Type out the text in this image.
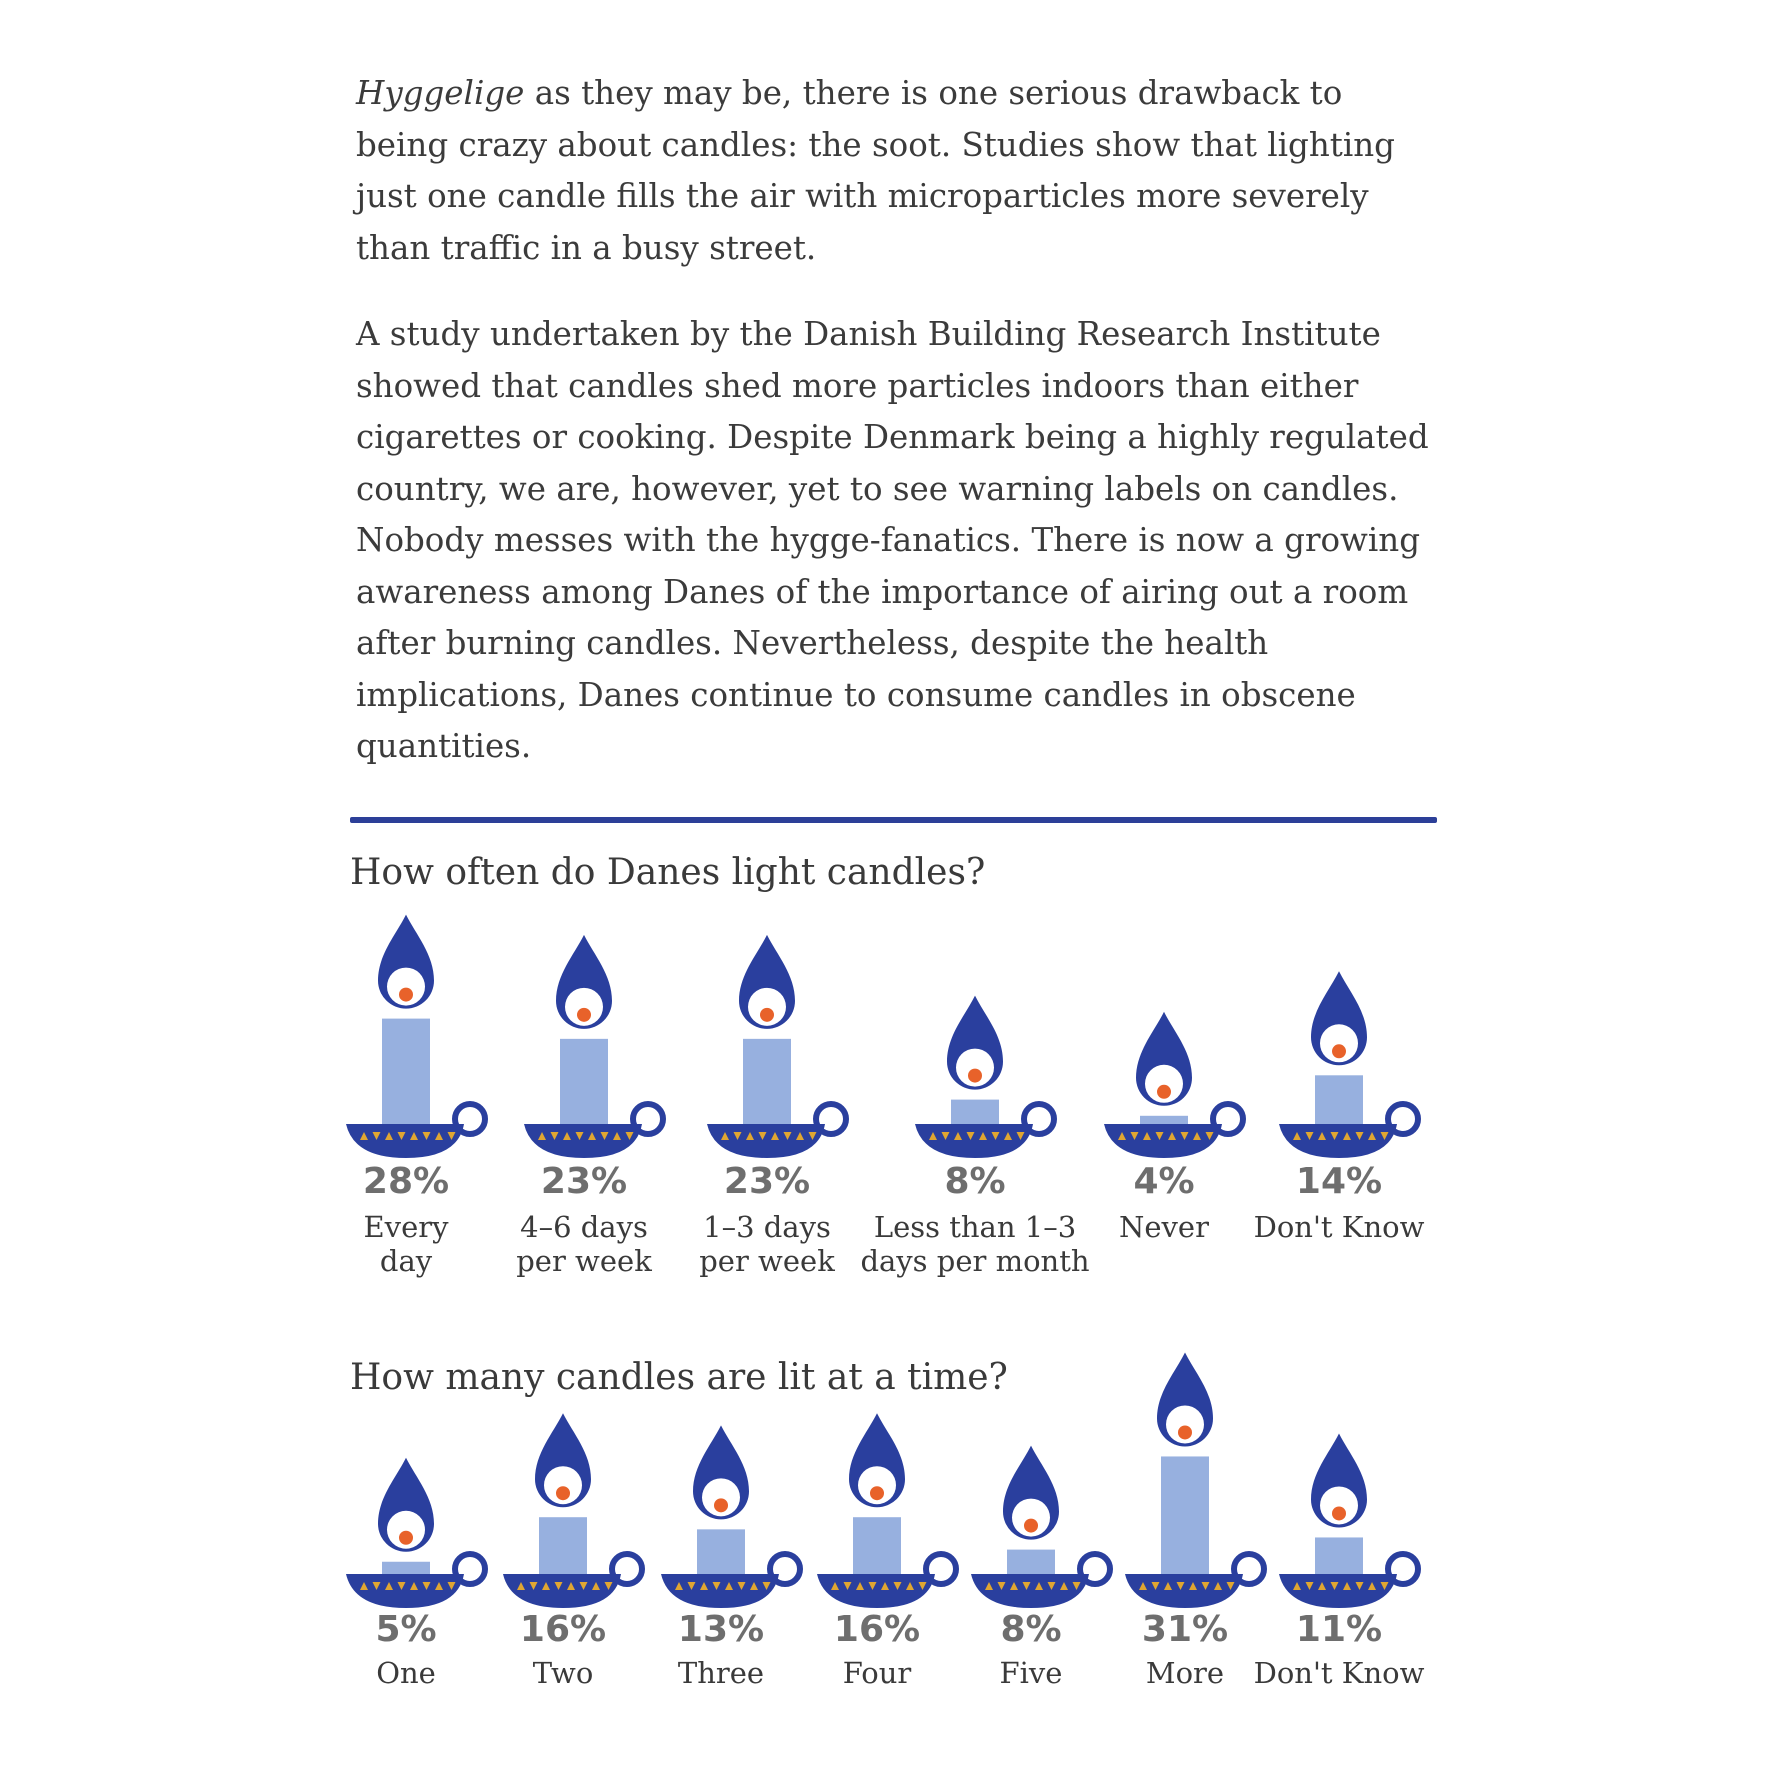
Hyggelige as they may be, there is one serious drawback to being crazy about candles: the soot. Studies show that lighting just one candle fills the air with microparticles more severely than traffic in a busy street.

A study undertaken by the Danish Building Research Institute showed that candles shed more particles indoors than either cigarettes or cooking. Despite Denmark being a highly regulated country, we are, however, yet to see warning labels on candles. Nobody messes with the hygge-fanatics. There is now a growing awareness among Danes of the importance of airing out a room after burning candles. Nevertheless, despite the health implications, Danes continue to consume candles in obscene quantities.

How often do Danes light candles?
28%
Every
day
23%
4–6 days
per week
23%
1–3 days
per week
8%
Less than 1–3
days per month
4%
Never
14%
Don't Know
How many candles are lit at a time?
5%
One
16%
Two
13%
Three
16%
Four
8%
Five
31%
More
11%
Don't Know
